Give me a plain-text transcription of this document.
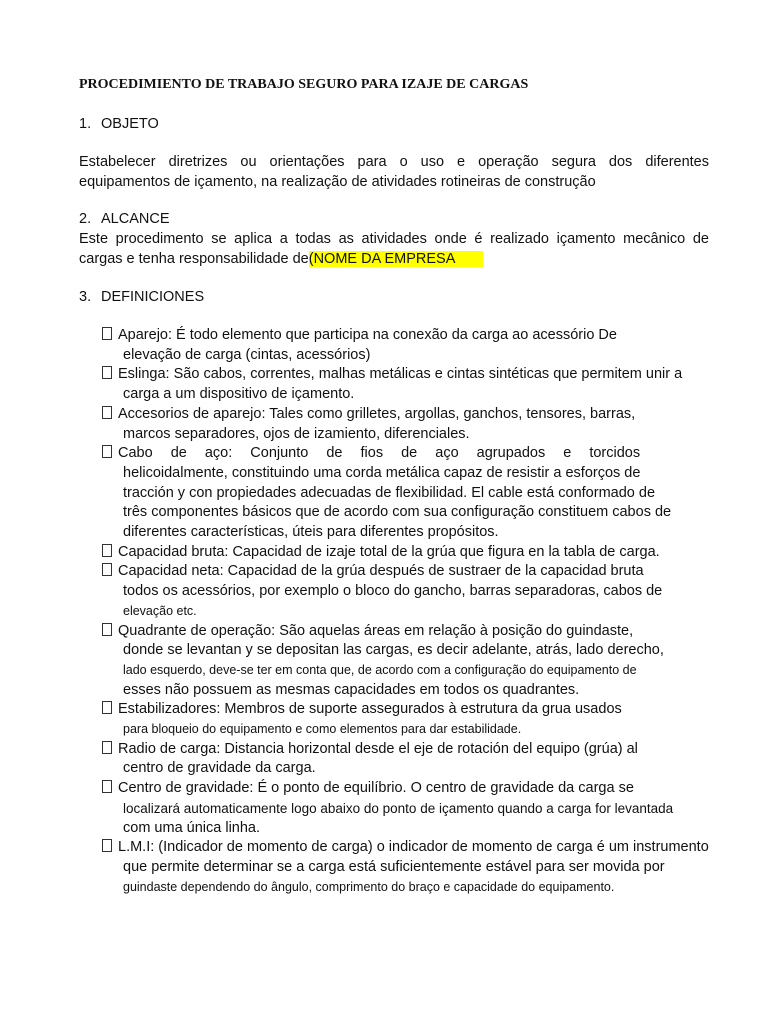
PROCEDIMIENTO DE TRABAJO SEGURO PARA IZAJE DE CARGAS
1. OBJETO
Estabelecer diretrizes ou orientações para o uso e operação segura dos diferentes
equipamentos de içamento, na realização de atividades rotineiras de construção
2. ALCANCE
Este procedimento se aplica a todas as atividades onde é realizado içamento mecânico de
cargas e tenha responsabilidade de(NOME DA EMPRESA
3. DEFINICIONES
Aparejo: É todo elemento que participa na conexão da carga ao acessório De
elevação de carga (cintas, acessórios)
Eslinga: São cabos, correntes, malhas metálicas e cintas sintéticas que permitem unir a
carga a um dispositivo de içamento.
Accesorios de aparejo: Tales como grilletes, argollas, ganchos, tensores, barras,
marcos separadores, ojos de izamiento, diferenciales.
Cabo de aço: Conjunto de fios de aço agrupados e torcidos
helicoidalmente, constituindo uma corda metálica capaz de resistir a esforços de
tracción y con propiedades adecuadas de flexibilidad. El cable está conformado de
três componentes básicos que de acordo com sua configuração constituem cabos de
diferentes características, úteis para diferentes propósitos.
Capacidad bruta: Capacidad de izaje total de la grúa que figura en la tabla de carga.
Capacidad neta: Capacidad de la grúa después de sustraer de la capacidad bruta
todos os acessórios, por exemplo o bloco do gancho, barras separadoras, cabos de
elevação etc.
Quadrante de operação: São aquelas áreas em relação à posição do guindaste,
donde se levantan y se depositan las cargas, es decir adelante, atrás, lado derecho,
lado esquerdo, deve-se ter em conta que, de acordo com a configuração do equipamento de
esses não possuem as mesmas capacidades em todos os quadrantes.
Estabilizadores: Membros de suporte assegurados à estrutura da grua usados
para bloqueio do equipamento e como elementos para dar estabilidade.
Radio de carga: Distancia horizontal desde el eje de rotación del equipo (grúa) al
centro de gravidade da carga.
Centro de gravidade: É o ponto de equilíbrio. O centro de gravidade da carga se
localizará automaticamente logo abaixo do ponto de içamento quando a carga for levantada
com uma única linha.
L.M.I: (Indicador de momento de carga) o indicador de momento de carga é um instrumento
que permite determinar se a carga está suficientemente estável para ser movida por
guindaste dependendo do ângulo, comprimento do braço e capacidade do equipamento.
